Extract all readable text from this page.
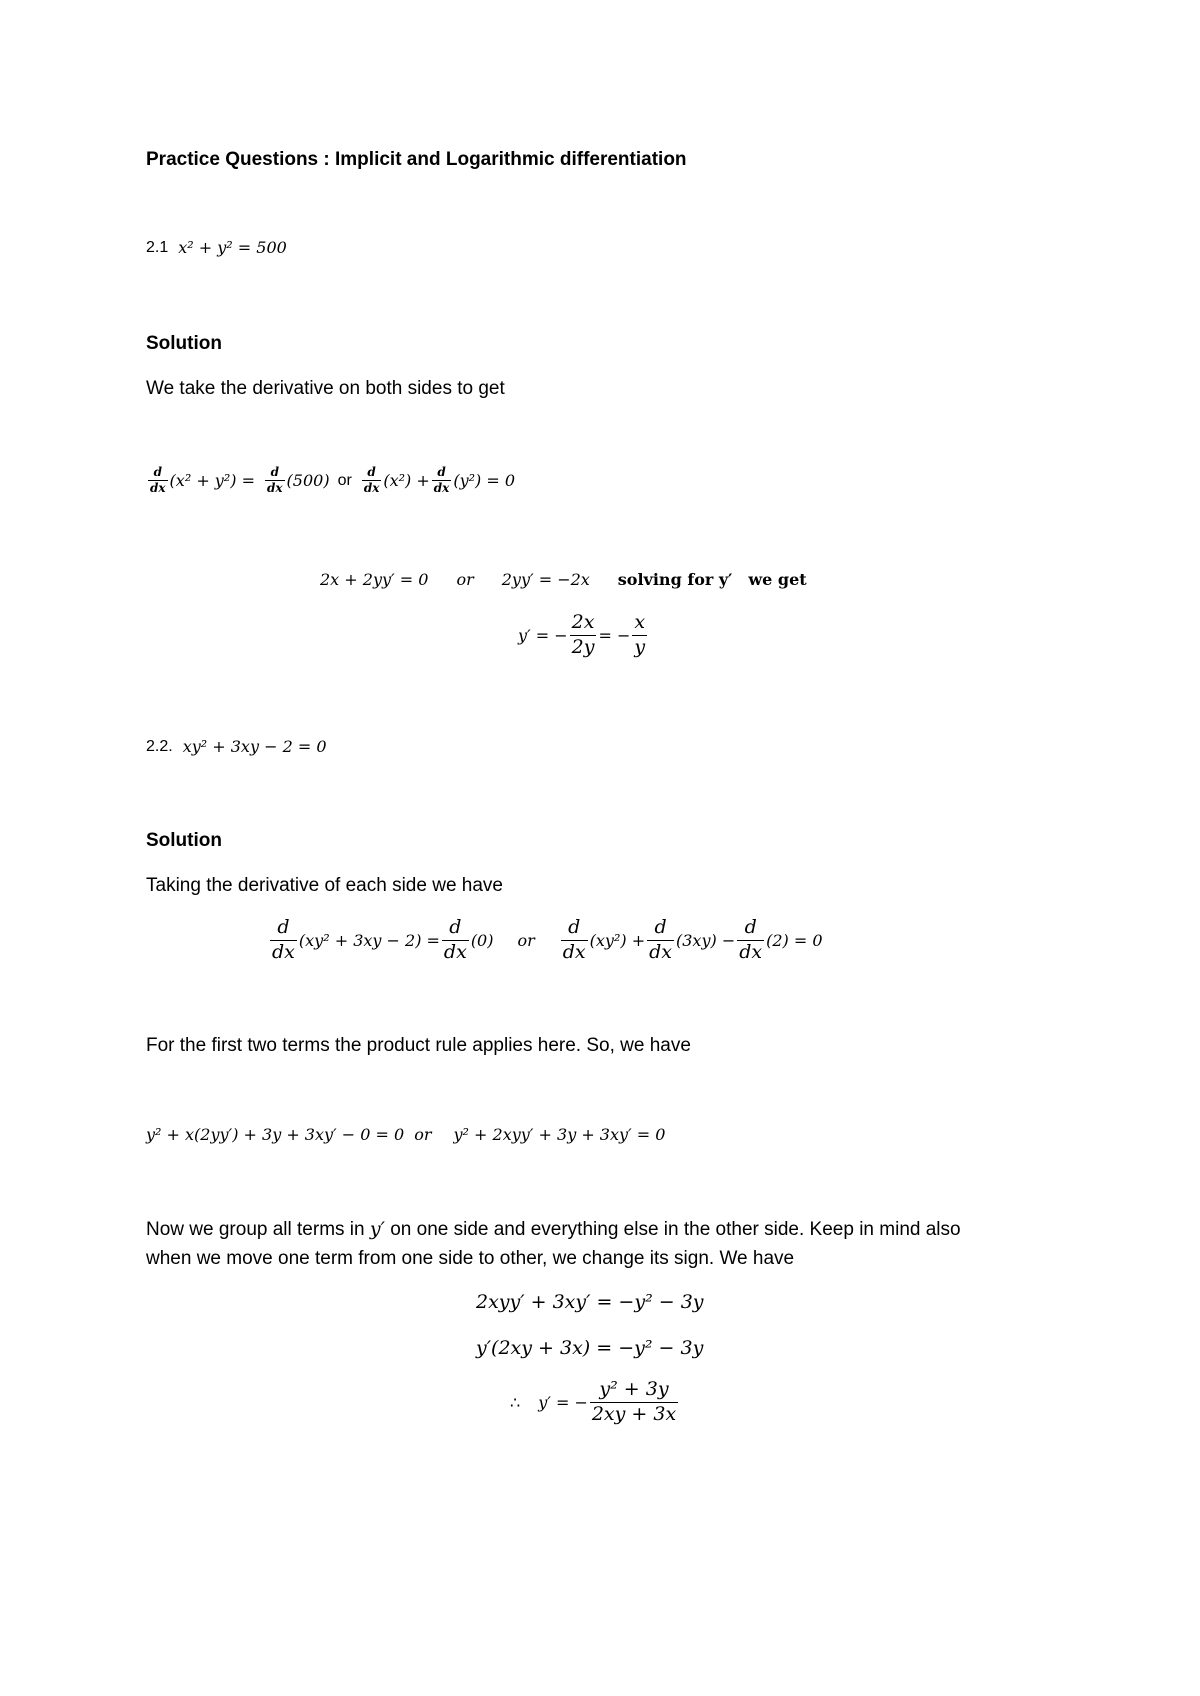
Practice Questions : Implicit and Logarithmic differentiation
2.1 x² + y² = 500
Solution
We take the derivative on both sides to get
$\frac{d}{dx} (x^2 + y^2) = \frac{d}{dx} (500)$ or $\frac{d}{dx} (x^2) + \frac{d}{dx} (y^2) = 0$
2x + 2yy′ = 0 or 2yy′ = −2x solving for y′ we get
y′ = − $\frac{2x}{2y}$ = − $\frac{x}{y}$
2.2. xy² + 3xy − 2 = 0
Solution
Taking the derivative of each side we have
$\frac{d}{dx} (xy^2 + 3xy - 2) = \frac{d}{dx} (0)$ or $\frac{d}{dx} (xy^2) + \frac{d}{dx} (3xy) - \frac{d}{dx} (2) = 0$
For the first two terms the product rule applies here. So, we have
y² + x(2yy′) + 3y + 3xy′ − 0 = 0 or y² + 2xyy′ + 3y + 3xy′ = 0
Now we group all terms in y′ on one side and everything else in the other side. Keep in mind also
when we move one term from one side to other, we change its sign. We have
2xyy′ + 3xy′ = −y² − 3y
y′(2xy + 3x) = −y² − 3y
∴ y′ = − $\frac{\text{y² + 3y}}{2xy + 3x}$
